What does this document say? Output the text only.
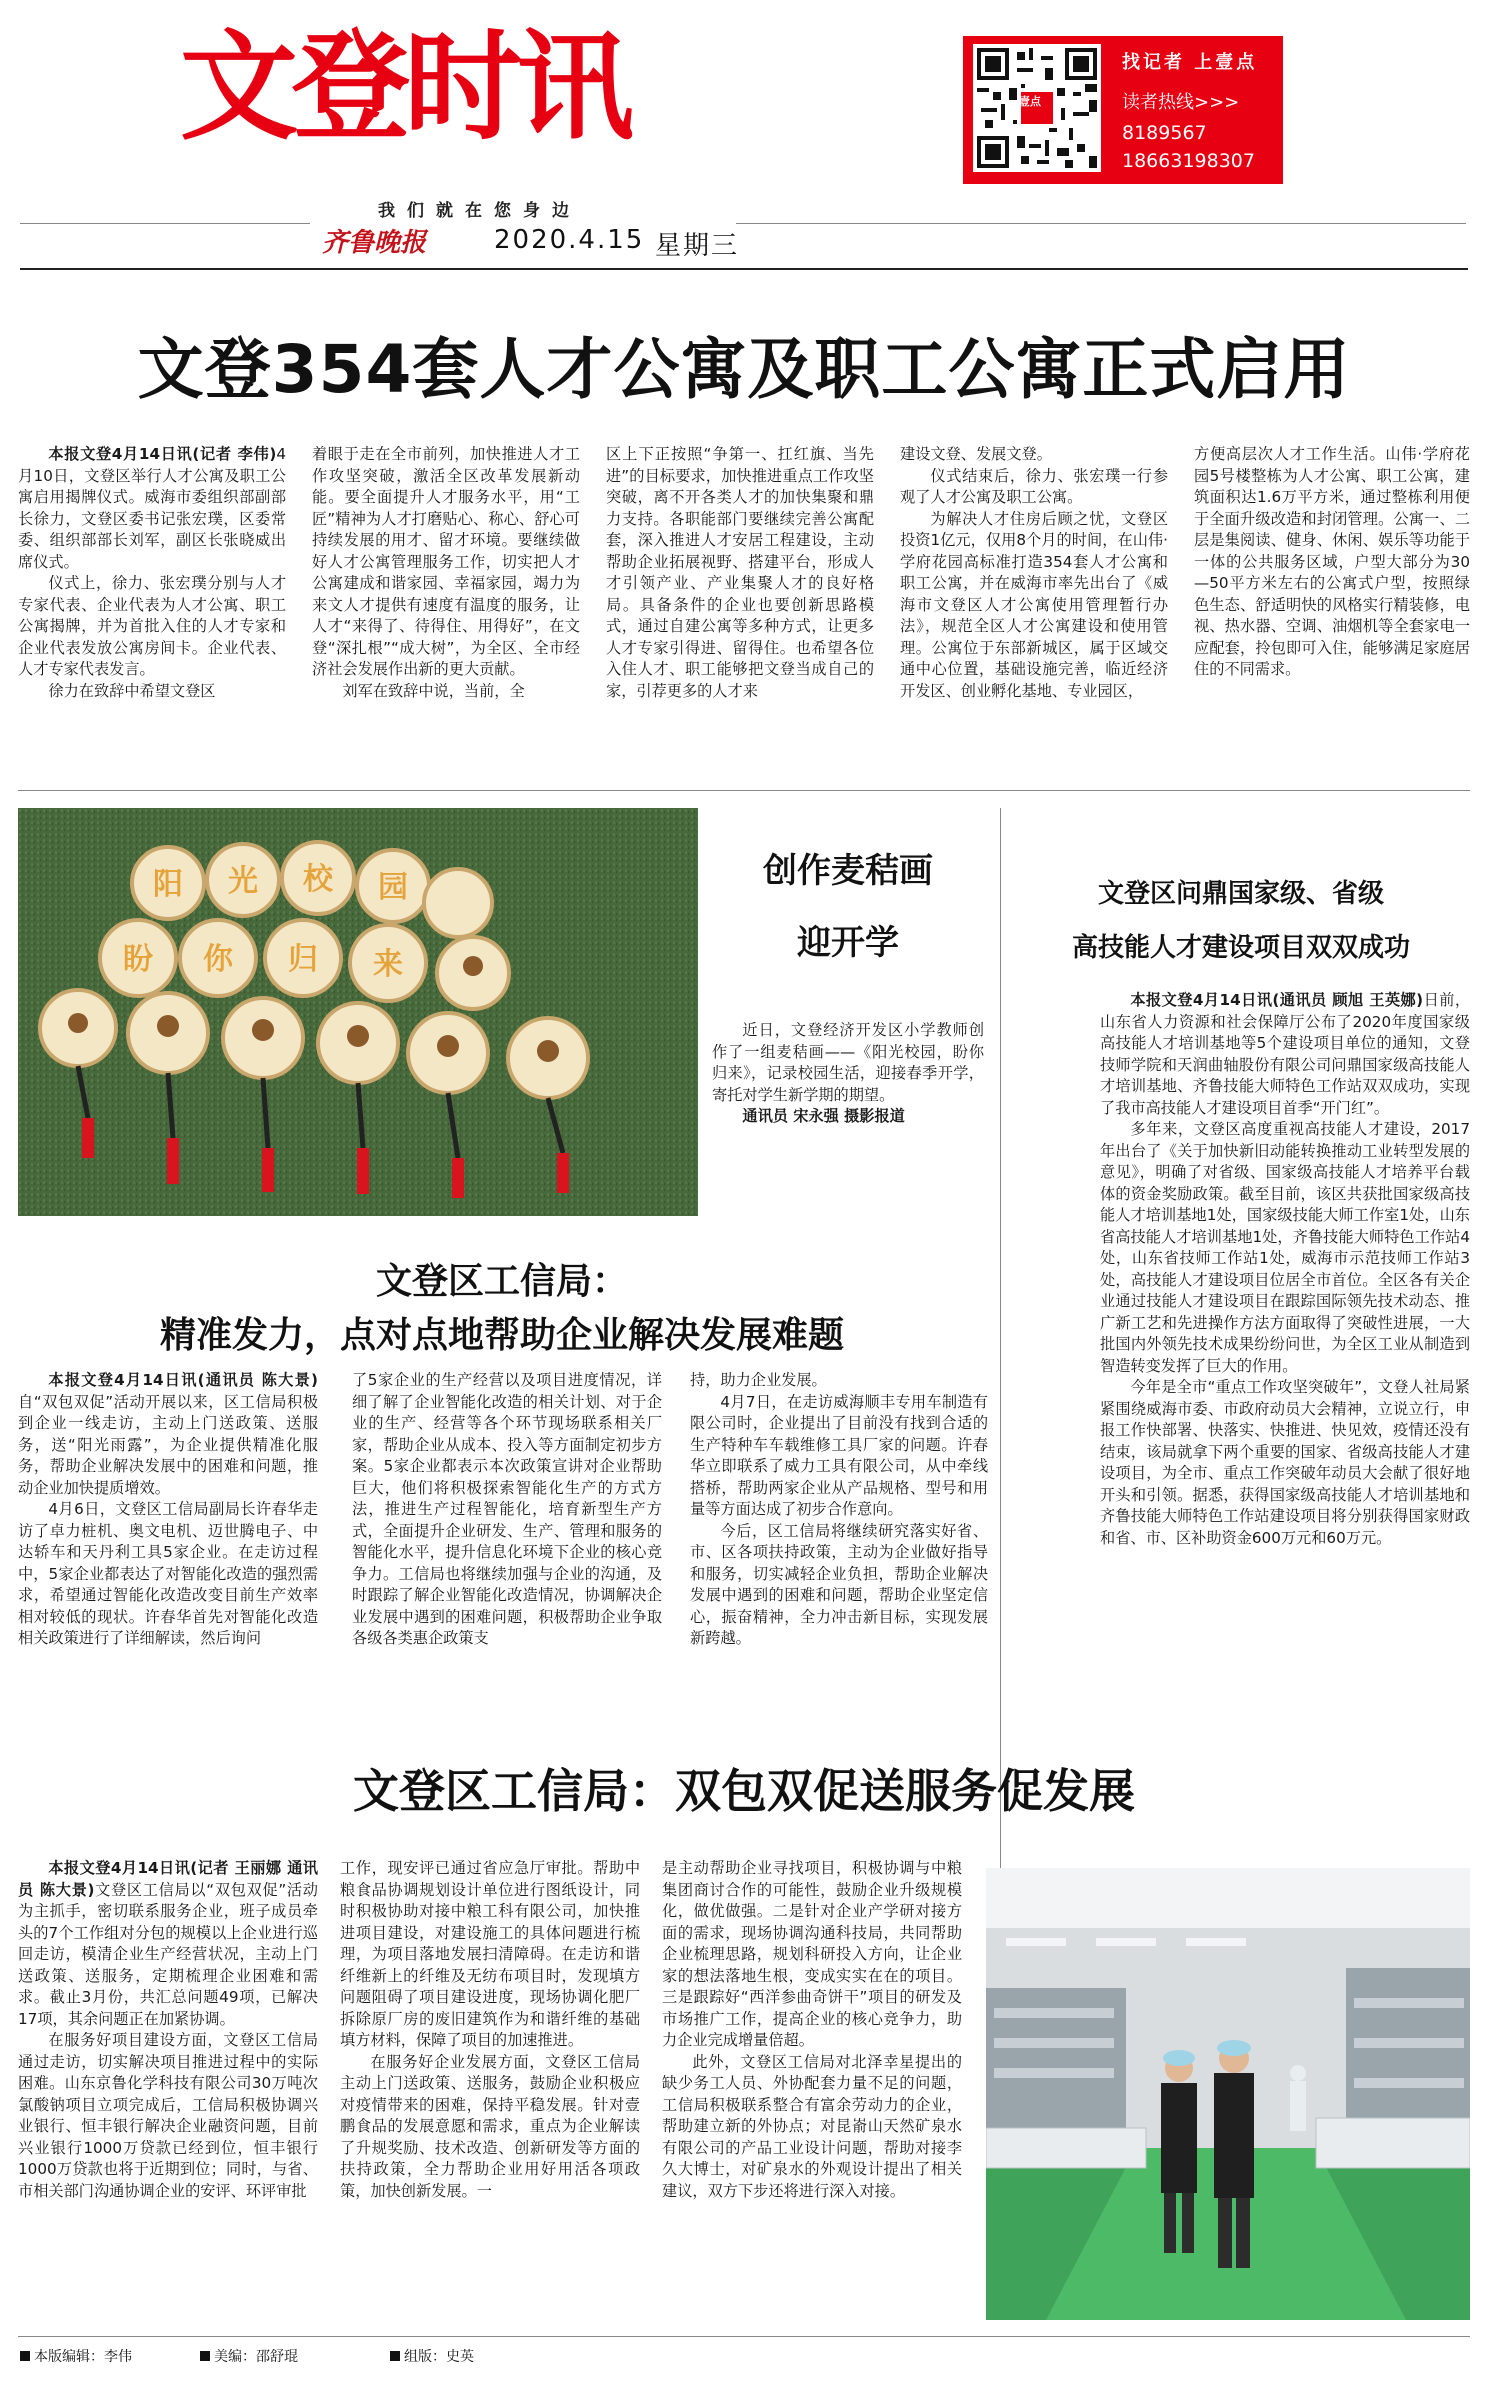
文登时讯	壹点
找记者 上壹点
读者热线>>>
8189567
18663198307
我们就在您身边
齐鲁晚报	2020.4.15 星期三
文登354套人才公寓及职工公寓正式启用

本报文登4月14日讯(记者 李伟)4月10日，文登区举行人才公寓及职工公寓启用揭牌仪式。威海市委组织部副部长徐力，文登区委书记张宏璞，区委常委、组织部部长刘军，副区长张晓威出席仪式。

仪式上，徐力、张宏璞分别与人才专家代表、企业代表为人才公寓、职工公寓揭牌，并为首批入住的人才专家和企业代表发放公寓房间卡。企业代表、人才专家代表发言。

徐力在致辞中希望文登区

着眼于走在全市前列，加快推进人才工作攻坚突破，激活全区改革发展新动能。要全面提升人才服务水平，用“工匠”精神为人才打磨贴心、称心、舒心可持续发展的用才、留才环境。要继续做好人才公寓管理服务工作，切实把人才公寓建成和谐家园、幸福家园，竭力为来文人才提供有速度有温度的服务，让人才“来得了、待得住、用得好”，在文登“深扎根”“成大树”，为全区、全市经济社会发展作出新的更大贡献。

刘军在致辞中说，当前，全

区上下正按照“争第一、扛红旗、当先进”的目标要求，加快推进重点工作攻坚突破，离不开各类人才的加快集聚和鼎力支持。各职能部门要继续完善公寓配套，深入推进人才安居工程建设，主动帮助企业拓展视野、搭建平台，形成人才引领产业、产业集聚人才的良好格局。具备条件的企业也要创新思路模式，通过自建公寓等多种方式，让更多人才专家引得进、留得住。也希望各位入住人才、职工能够把文登当成自己的家，引荐更多的人才来

建设文登、发展文登。

仪式结束后，徐力、张宏璞一行参观了人才公寓及职工公寓。

为解决人才住房后顾之忧，文登区投资1亿元，仅用8个月的时间，在山伟·学府花园高标准打造354套人才公寓和职工公寓，并在威海市率先出台了《威海市文登区人才公寓使用管理暂行办法》，规范全区人才公寓建设和使用管理。公寓位于东部新城区，属于区域交通中心位置，基础设施完善，临近经济开发区、创业孵化基地、专业园区，

方便高层次人才工作生活。山伟·学府花园5号楼整栋为人才公寓、职工公寓，建筑面积达1.6万平方米，通过整栋利用便于全面升级改造和封闭管理。公寓一、二层是集阅读、健身、休闲、娱乐等功能于一体的公共服务区域，户型大部分为30—50平方米左右的公寓式户型，按照绿色生态、舒适明快的风格实行精装修，电视、热水器、空调、油烟机等全套家电一应配套，拎包即可入住，能够满足家庭居住的不同需求。

阳 光 校 园
盼 你 归 来
创作麦秸画
迎开学

近日，文登经济开发区小学教师创作了一组麦秸画——《阳光校园，盼你归来》，记录校园生活，迎接春季开学，寄托对学生新学期的期望。

通讯员 宋永强 摄影报道

文登区问鼎国家级、省级
高技能人才建设项目双双成功

本报文登4月14日讯(通讯员 顾旭 王英娜)日前，山东省人力资源和社会保障厅公布了2020年度国家级高技能人才培训基地等5个建设项目单位的通知，文登技师学院和天润曲轴股份有限公司问鼎国家级高技能人才培训基地、齐鲁技能大师特色工作站双双成功，实现了我市高技能人才建设项目首季“开门红”。

多年来，文登区高度重视高技能人才建设，2017年出台了《关于加快新旧动能转换推动工业转型发展的意见》，明确了对省级、国家级高技能人才培养平台载体的资金奖励政策。截至目前，该区共获批国家级高技能人才培训基地1处，国家级技能大师工作室1处，山东省高技能人才培训基地1处，齐鲁技能大师特色工作站4处，山东省技师工作站1处，威海市示范技师工作站3处，高技能人才建设项目位居全市首位。全区各有关企业通过技能人才建设项目在跟踪国际领先技术动态、推广新工艺和先进操作方法方面取得了突破性进展，一大批国内外领先技术成果纷纷问世，为全区工业从制造到智造转变发挥了巨大的作用。

今年是全市“重点工作攻坚突破年”，文登人社局紧紧围绕威海市委、市政府动员大会精神，立说立行，申报工作快部署、快落实、快推进、快见效，疫情还没有结束，该局就拿下两个重要的国家、省级高技能人才建设项目，为全市、重点工作突破年动员大会献了很好地开头和引领。据悉，获得国家级高技能人才培训基地和齐鲁技能大师特色工作站建设项目将分别获得国家财政和省、市、区补助资金600万元和60万元。

文登区工信局：
精准发力，点对点地帮助企业解决发展难题

本报文登4月14日讯(通讯员 陈大景)自“双包双促”活动开展以来，区工信局积极到企业一线走访，主动上门送政策、送服务，送“阳光雨露”，为企业提供精准化服务，帮助企业解决发展中的困难和问题，推动企业加快提质增效。

4月6日，文登区工信局副局长许春华走访了卓力桩机、奥文电机、迈世腾电子、中达轿车和天丹利工具5家企业。在走访过程中，5家企业都表达了对智能化改造的强烈需求，希望通过智能化改造改变目前生产效率相对较低的现状。许春华首先对智能化改造相关政策进行了详细解读，然后询问

了5家企业的生产经营以及项目进度情况，详细了解了企业智能化改造的相关计划、对于企业的生产、经营等各个环节现场联系相关厂家，帮助企业从成本、投入等方面制定初步方案。5家企业都表示本次政策宣讲对企业帮助巨大，他们将积极探索智能化生产的方式方法，推进生产过程智能化，培育新型生产方式，全面提升企业研发、生产、管理和服务的智能化水平，提升信息化环境下企业的核心竞争力。工信局也将继续加强与企业的沟通，及时跟踪了解企业智能化改造情况，协调解决企业发展中遇到的困难问题，积极帮助企业争取各级各类惠企政策支

持，助力企业发展。

4月7日，在走访威海顺丰专用车制造有限公司时，企业提出了目前没有找到合适的生产特种车车载维修工具厂家的问题。许春华立即联系了威力工具有限公司，从中牵线搭桥，帮助两家企业从产品规格、型号和用量等方面达成了初步合作意向。

今后，区工信局将继续研究落实好省、市、区各项扶持政策，主动为企业做好指导和服务，切实减轻企业负担，帮助企业解决发展中遇到的困难和问题，帮助企业坚定信心，振奋精神，全力冲击新目标，实现发展新跨越。

文登区工信局：双包双促送服务促发展

本报文登4月14日讯(记者 王丽娜 通讯员 陈大景)文登区工信局以“双包双促”活动为主抓手，密切联系服务企业，班子成员牵头的7个工作组对分包的规模以上企业进行巡回走访，模清企业生产经营状况，主动上门送政策、送服务，定期梳理企业困难和需求。截止3月份，共汇总问题49项，已解决17项，其余问题正在加紧协调。

在服务好项目建设方面，文登区工信局通过走访，切实解决项目推进过程中的实际困难。山东京鲁化学科技有限公司30万吨次氯酸钠项目立项完成后，工信局积极协调兴业银行、恒丰银行解决企业融资问题，目前兴业银行1000万贷款已经到位，恒丰银行1000万贷款也将于近期到位；同时，与省、市相关部门沟通协调企业的安评、环评审批

工作，现安评已通过省应急厅审批。帮助中粮食品协调规划设计单位进行图纸设计，同时积极协助对接中粮工科有限公司，加快推进项目建设，对建设施工的具体问题进行梳理，为项目落地发展扫清障碍。在走访和谐纤维新上的纤维及无纺布项目时，发现填方问题阻碍了项目建设进度，现场协调化肥厂拆除原厂房的废旧建筑作为和谐纤维的基础填方材料，保障了项目的加速推进。

在服务好企业发展方面，文登区工信局主动上门送政策、送服务，鼓励企业积极应对疫情带来的困难，保持平稳发展。针对壹鹏食品的发展意愿和需求，重点为企业解读了升规奖励、技术改造、创新研发等方面的扶持政策，全力帮助企业用好用活各项政策，加快创新发展。一

是主动帮助企业寻找项目，积极协调与中粮集团商讨合作的可能性，鼓励企业升级规模化，做优做强。二是针对企业产学研对接方面的需求，现场协调沟通科技局，共同帮助企业梳理思路，规划科研投入方向，让企业家的想法落地生根，变成实实在在的项目。三是跟踪好“西洋参曲奇饼干”项目的研发及市场推广工作，提高企业的核心竞争力，助力企业完成增量倍超。

此外，文登区工信局对北泽幸星提出的缺少务工人员、外协配套力量不足的问题，工信局积极联系整合有富余劳动力的企业，帮助建立新的外协点；对昆嵛山天然矿泉水有限公司的产品工业设计问题，帮助对接李久大博士，对矿泉水的外观设计提出了相关建议，双方下步还将进行深入对接。

本版编辑：李伟	美编：邵舒琨	组版：史英
